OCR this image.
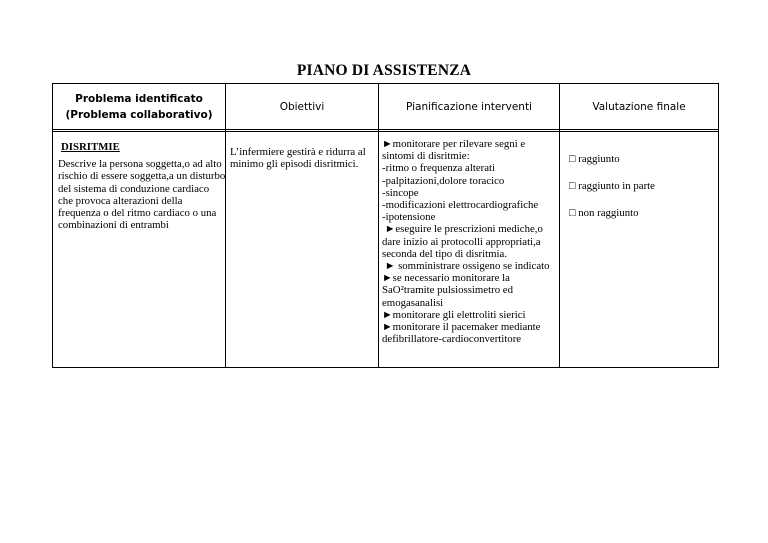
PIANO DI ASSISTENZA
Problema identificato
(Problema collaborativo)
Obiettivi	Pianificazione interventi	Valutazione finale
DISRITMIE
Descrive la persona soggetta,o ad alto
rischio di essere soggetta,a un disturbo
del sistema di conduzione cardiaco
che provoca alterazioni della
frequenza o del ritmo cardiaco o una
combinazioni di entrambi
L’infermiere gestirà e ridurra al
minimo gli episodi disritmici.
►monitorare per rilevare segni e
sintomi di disritmie:
-ritmo o frequenza alterati
-palpitazioni,dolore toracico
-sincope
-modificazioni elettrocardiografiche
-ipotensione
►eseguire le prescrizioni mediche,o
dare inizio ai protocolli appropriati,a
seconda del tipo di disritmia.
► somministrare ossigeno se indicato
►se necessario monitorare la
SaO²tramite pulsiossimetro ed
emogasanalisi
►monitorare gli elettroliti sierici
►monitorare il pacemaker mediante
defibrillatore-cardioconvertitore
□ raggiunto
□ raggiunto in parte
□ non raggiunto
